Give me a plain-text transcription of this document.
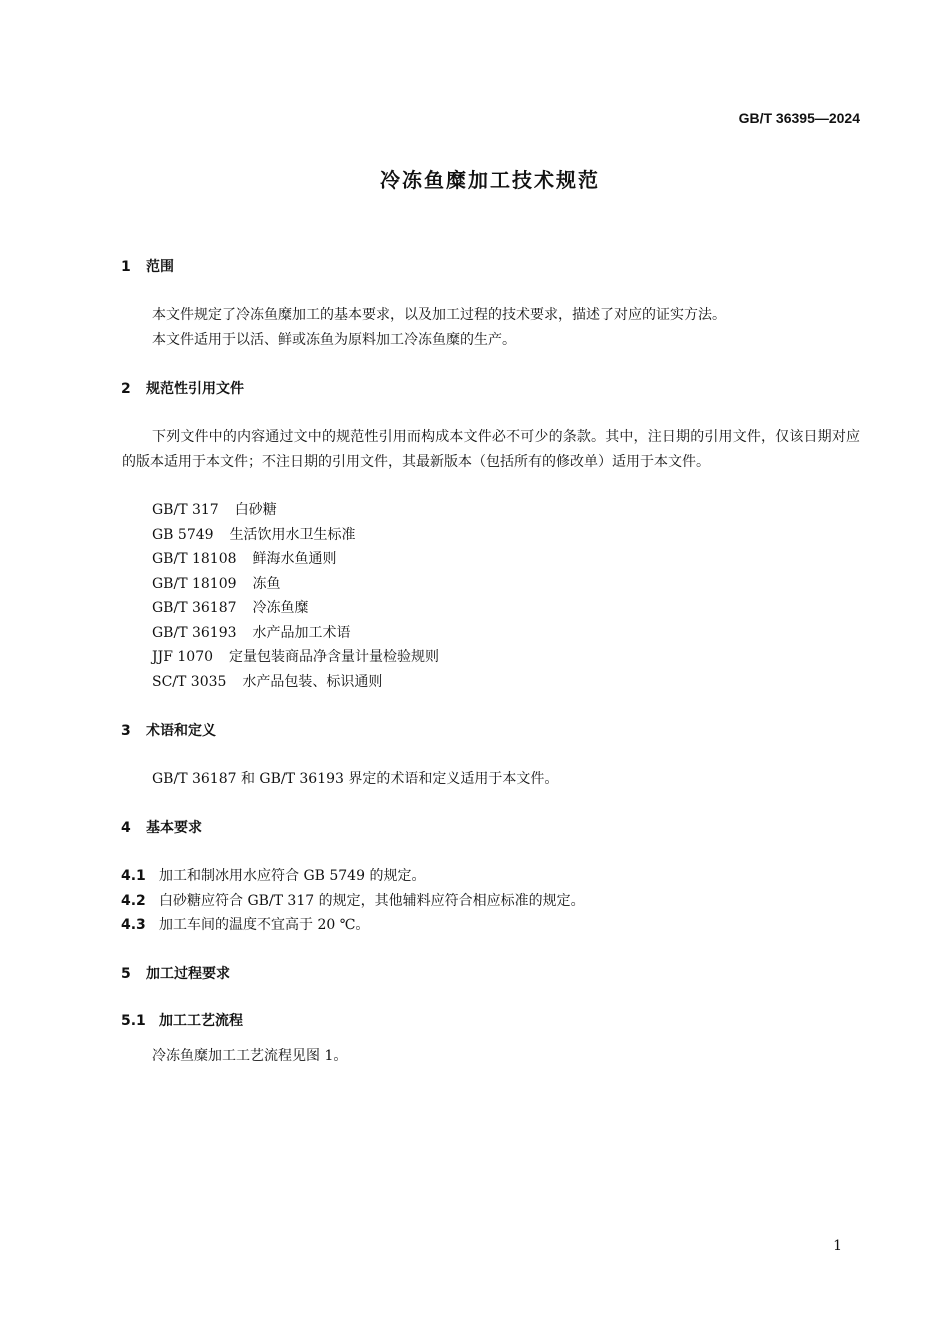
GB/T 36395—2024
冷冻鱼糜加工技术规范
1 范围
本文件规定了冷冻鱼糜加工的基本要求，以及加工过程的技术要求，描述了对应的证实方法。
本文件适用于以活、鲜或冻鱼为原料加工冷冻鱼糜的生产。
2 规范性引用文件
下列文件中的内容通过文中的规范性引用而构成本文件必不可少的条款。其中，注日期的引用文件，仅该日期对应的版本适用于本文件；不注日期的引用文件，其最新版本（包括所有的修改单）适用于本文件。
GB/T 317 白砂糖
GB 5749 生活饮用水卫生标准
GB/T 18108 鲜海水鱼通则
GB/T 18109 冻鱼
GB/T 36187 冷冻鱼糜
GB/T 36193 水产品加工术语
JJF 1070 定量包装商品净含量计量检验规则
SC/T 3035 水产品包装、标识通则
3 术语和定义
GB/T 36187 和 GB/T 36193 界定的术语和定义适用于本文件。
4 基本要求
4.1 加工和制冰用水应符合 GB 5749 的规定。
4.2 白砂糖应符合 GB/T 317 的规定，其他辅料应符合相应标准的规定。
4.3 加工车间的温度不宜高于 20 ℃。
5 加工过程要求
5.1 加工工艺流程
冷冻鱼糜加工工艺流程见图 1。
1
